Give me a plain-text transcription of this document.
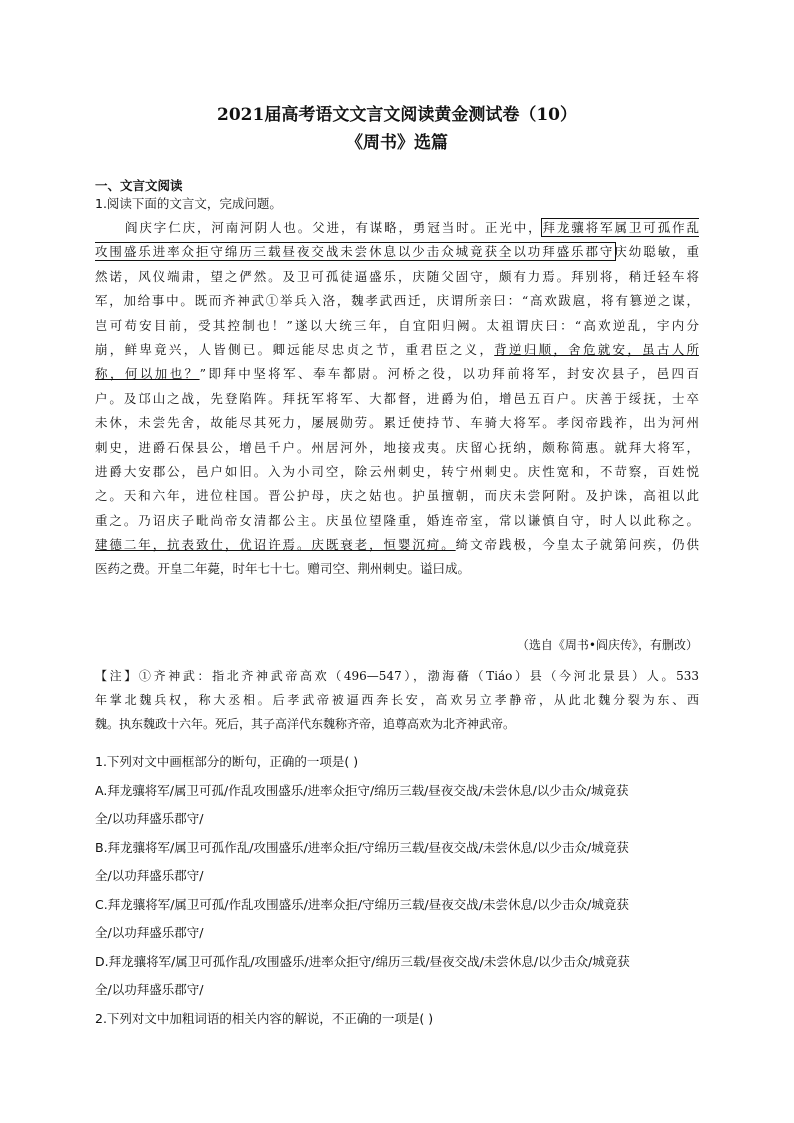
2021届高考语文文言文阅读黄金测试卷（10）
《周书》选篇
一、文言文阅读
1.阅读下面的文言文，完成问题。
阎庆字仁庆，河南河阴人也。父进，有谋略，勇冠当时。正光中，拜龙骧将军属卫可孤作乱
攻围盛乐进率众拒守绵历三载昼夜交战未尝休息以少击众城竟获全以功拜盛乐郡守庆幼聪敏，重
然诺，风仪端肃，望之俨然。及卫可孤徒逼盛乐，庆随父固守，颇有力焉。拜别将，稍迁轻车将
军，加给事中。既而齐神武①举兵入洛，魏孝武西迁，庆谓所亲曰：“高欢跋扈，将有篡逆之谋，
岂可苟安目前，受其控制也！”遂以大统三年，自宜阳归阙。太祖谓庆曰：“高欢逆乱，宇内分
崩，鲜卑竟兴，人皆侧已。卿远能尽忠贞之节，重君臣之义，背逆归顺，舍危就安，虽古人所
称，何以加也？”即拜中坚将军、奉车都尉。河桥之役，以功拜前将军，封安次县子，邑四百
户。及邙山之战，先登陷阵。拜抚军将军、大都督，进爵为伯，增邑五百户。庆善于绥抚，士卒
未休，未尝先舍，故能尽其死力，屡展勋劳。累迁使持节、车骑大将军。孝闵帝践祚，出为河州
刺史，进爵石保县公，增邑千户。州居河外，地接戎夷。庆留心抚纳，颇称简惠。就拜大将军，
进爵大安郡公，邑户如旧。入为小司空，除云州刺史，转宁州刺史。庆性宽和，不苛察，百姓悦
之。天和六年，进位柱国。晋公护母，庆之姑也。护虽擅朝，而庆未尝阿附。及护诛，高祖以此
重之。乃诏庆子毗尚帝女清都公主。庆虽位望隆重，婚连帝室，常以谦慎自守，时人以此称之。
建德二年，抗表致仕，优诏许焉。庆既衰老，恒婴沉疴。绮文帝践极，今皇太子就第问疾，仍供
医药之费。开皇二年薨，时年七十七。赠司空、荆州刺史。谥曰成。
（选自《周书•阎庆传》，有删改）
【注】①齐神武：指北齐神武帝高欢（496—547），渤海蓨（Tiáo）县（今河北景县）人。533
年掌北魏兵权，称大丞相。后孝武帝被逼西奔长安，高欢另立孝静帝，从此北魏分裂为东、西
魏。执东魏政十六年。死后，其子高洋代东魏称齐帝，追尊高欢为北齐神武帝。
1.下列对文中画框部分的断句，正确的一项是( )
A.拜龙骧将军/属卫可孤/作乱攻围盛乐/进率众拒守/绵历三载/昼夜交战/未尝休息/以少击众/城竟获
全/以功拜盛乐郡守/
B.拜龙骧将军/属卫可孤作乱/攻围盛乐/进率众拒/守绵历三载/昼夜交战/未尝休息/以少击众/城竟获
全/以功拜盛乐郡守/
C.拜龙骧将军/属卫可孤/作乱攻围盛乐/进率众拒/守绵历三载/昼夜交战/未尝休息/以少击众/城竟获
全/以功拜盛乐郡守/
D.拜龙骧将军/属卫可孤作乱/攻围盛乐/进率众拒守/绵历三载/昼夜交战/未尝休息/以少击众/城竟获
全/以功拜盛乐郡守/
2.下列对文中加粗词语的相关内容的解说，不正确的一项是( )
